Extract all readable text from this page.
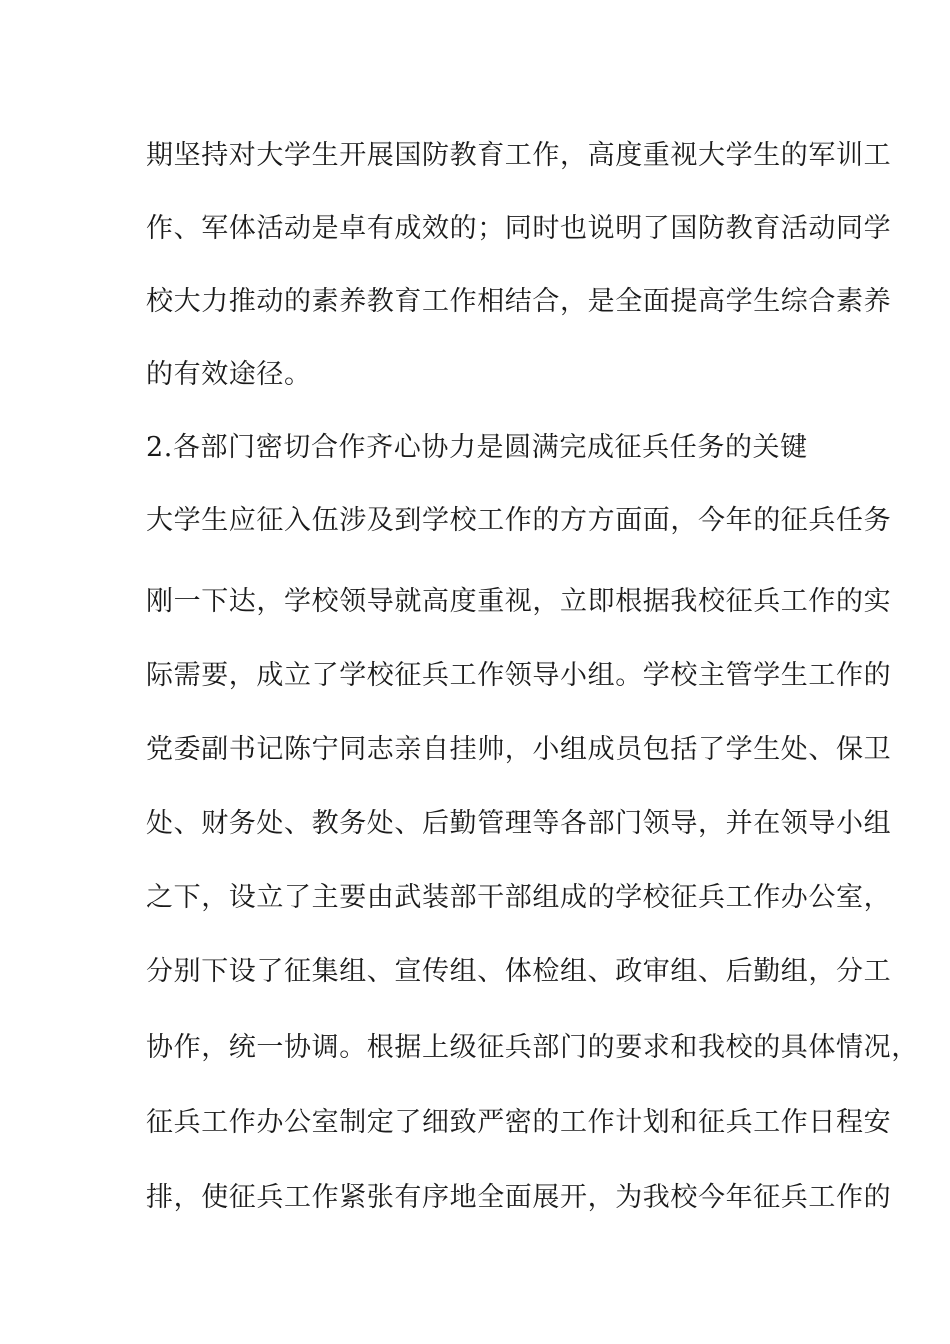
期坚持对大学生开展国防教育工作，高度重视大学生的军训工
作、军体活动是卓有成效的；同时也说明了国防教育活动同学
校大力推动的素养教育工作相结合，是全面提高学生综合素养
的有效途径。
2.各部门密切合作齐心协力是圆满完成征兵任务的关键
大学生应征入伍涉及到学校工作的方方面面，今年的征兵任务
刚一下达，学校领导就高度重视，立即根据我校征兵工作的实
际需要，成立了学校征兵工作领导小组。学校主管学生工作的
党委副书记陈宁同志亲自挂帅，小组成员包括了学生处、保卫
处、财务处、教务处、后勤管理等各部门领导，并在领导小组
之下，设立了主要由武装部干部组成的学校征兵工作办公室，
分别下设了征集组、宣传组、体检组、政审组、后勤组，分工
协作，统一协调。根据上级征兵部门的要求和我校的具体情况，
征兵工作办公室制定了细致严密的工作计划和征兵工作日程安
排，使征兵工作紧张有序地全面展开，为我校今年征兵工作的
